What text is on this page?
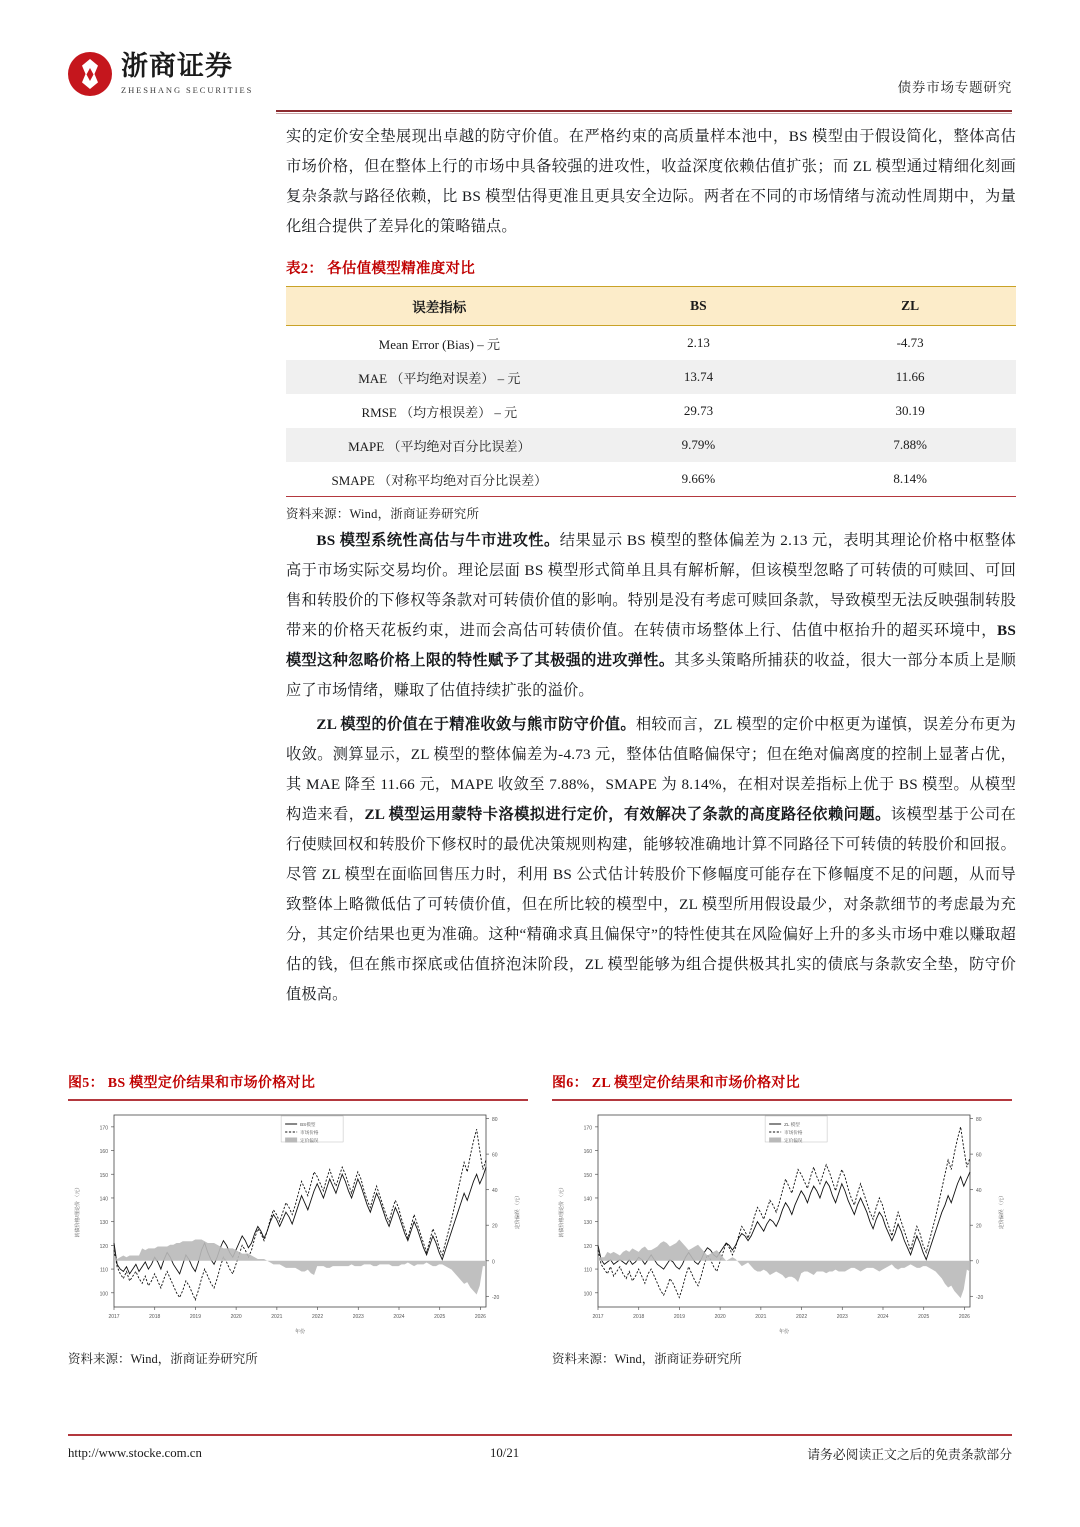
浙商证券
ZHESHANG SECURITIES	债券市场专题研究

实的定价安全垫展现出卓越的防守价值。在严格约束的高质量样本池中，BS 模型由于假设简化，整体高估市场价格，但在整体上行的市场中具备较强的进攻性，收益深度依赖估值扩张；而 ZL 模型通过精细化刻画复杂条款与路径依赖，比 BS 模型估得更准且更具安全边际。两者在不同的市场情绪与流动性周期中，为量化组合提供了差异化的策略锚点。

表2： 各估值模型精准度对比
误差指标	BS	ZL
Mean Error (Bias) – 元	2.13	-4.73
MAE （平均绝对误差） – 元	13.74	11.66
RMSE （均方根误差） – 元	29.73	30.19
MAPE （平均绝对百分比误差）	9.79%	7.88%
SMAPE （对称平均绝对百分比误差）	9.66%	8.14%
资料来源：Wind，浙商证券研究所

BS 模型系统性高估与牛市进攻性。结果显示 BS 模型的整体偏差为 2.13 元，表明其理论价格中枢整体高于市场实际交易均价。理论层面 BS 模型形式简单且具有解析解，但该模型忽略了可转债的可赎回、可回售和转股价的下修权等条款对可转债价值的影响。特别是没有考虑可赎回条款，导致模型无法反映强制转股带来的价格天花板约束，进而会高估可转债价值。在转债市场整体上行、估值中枢抬升的超买环境中，BS 模型这种忽略价格上限的特性赋予了其极强的进攻弹性。其多头策略所捕获的收益，很大一部分本质上是顺应了市场情绪，赚取了估值持续扩张的溢价。

ZL 模型的价值在于精准收敛与熊市防守价值。相较而言，ZL 模型的定价中枢更为谨慎，误差分布更为收敛。测算显示，ZL 模型的整体偏差为-4.73 元，整体估值略偏保守；但在绝对偏离度的控制上显著占优，其 MAE 降至 11.66 元，MAPE 收敛至 7.88%，SMAPE 为 8.14%，在相对误差指标上优于 BS 模型。从模型构造来看，ZL 模型运用蒙特卡洛模拟进行定价，有效解决了条款的高度路径依赖问题。该模型基于公司在行使赎回权和转股价下修权时的最优决策规则构建，能够较准确地计算不同路径下可转债的转股价和回报。尽管 ZL 模型在面临回售压力时，利用 BS 公式估计转股价下修幅度可能存在下修幅度不足的问题，从而导致整体上略微低估了可转债价值，但在所比较的模型中，ZL 模型所用假设最少，对条款细节的考虑最为充分，其定价结果也更为准确。这种“精确求真且偏保守”的特性使其在风险偏好上升的多头市场中难以赚取超估的钱，但在熊市探底或估值挤泡沫阶段，ZL 模型能够为组合提供极其扎实的债底与条款安全垫，防守价值极高。

图5： BS 模型定价结果和市场价格对比
100
110
120
130
140
150
160
170
-20
0
20
40
60
80
2017	2018	2019	2020	2021	2022	2023	2024	2025	2026
年份
转债价格/理论价 （元）	定价偏误 （元）
BS模型
市场价格
定价偏误
资料来源：Wind，浙商证券研究所
图6： ZL 模型定价结果和市场价格对比
100
110
120
130
140
150
160
170
-20
0
20
40
60
80
2017	2018	2019	2020	2021	2022	2023	2024	2025	2026
年份
转债价格/理论价 （元）	定价偏误 （元）
ZL 模型
市场价格
定价偏误
资料来源：Wind，浙商证券研究所
http://www.stocke.com.cn	10/21	请务必阅读正文之后的免责条款部分
